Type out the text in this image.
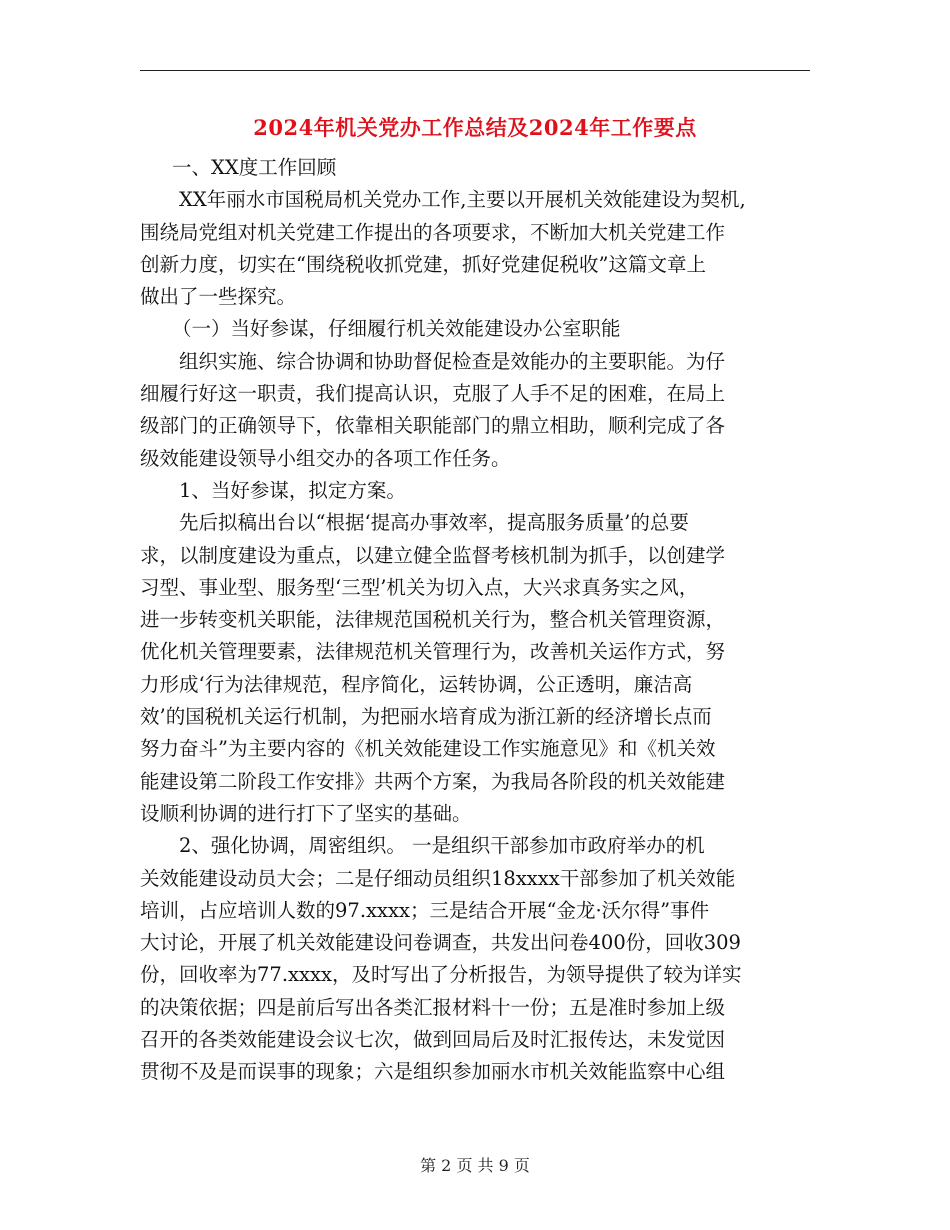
2024年机关党办工作总结及2024年工作要点
一、XX度工作回顾
XX年丽水市国税局机关党办工作,主要以开展机关效能建设为契机,
围绕局党组对机关党建工作提出的各项要求，不断加大机关党建工作
创新力度，切实在“围绕税收抓党建，抓好党建促税收”这篇文章上
做出了一些探究。
（一）当好参谋，仔细履行机关效能建设办公室职能
组织实施、综合协调和协助督促检查是效能办的主要职能。为仔
细履行好这一职责，我们提高认识，克服了人手不足的困难，在局上
级部门的正确领导下，依靠相关职能部门的鼎立相助，顺利完成了各
级效能建设领导小组交办的各项工作任务。
1、当好参谋，拟定方案。
先后拟稿出台以“根据‘提高办事效率，提高服务质量’的总要
求，以制度建设为重点，以建立健全监督考核机制为抓手，以创建学
习型、事业型、服务型‘三型’机关为切入点，大兴求真务实之风，
进一步转变机关职能，法律规范国税机关行为，整合机关管理资源，
优化机关管理要素，法律规范机关管理行为，改善机关运作方式，努
力形成‘行为法律规范，程序简化，运转协调，公正透明，廉洁高
效’的国税机关运行机制，为把丽水培育成为浙江新的经济增长点而
努力奋斗”为主要内容的《机关效能建设工作实施意见》和《机关效
能建设第二阶段工作安排》共两个方案，为我局各阶段的机关效能建
设顺利协调的进行打下了坚实的基础。
2、强化协调，周密组织。 一是组织干部参加市政府举办的机
关效能建设动员大会；二是仔细动员组织18xxxx干部参加了机关效能
培训，占应培训人数的97.xxxx；三是结合开展“金龙·沃尔得”事件
大讨论，开展了机关效能建设问卷调查，共发出问卷400份，回收309
份，回收率为77.xxxx，及时写出了分析报告，为领导提供了较为详实
的决策依据；四是前后写出各类汇报材料十一份；五是准时参加上级
召开的各类效能建设会议七次，做到回局后及时汇报传达，未发觉因
贯彻不及是而误事的现象；六是组织参加丽水市机关效能监察中心组
第 2 页 共 9 页
